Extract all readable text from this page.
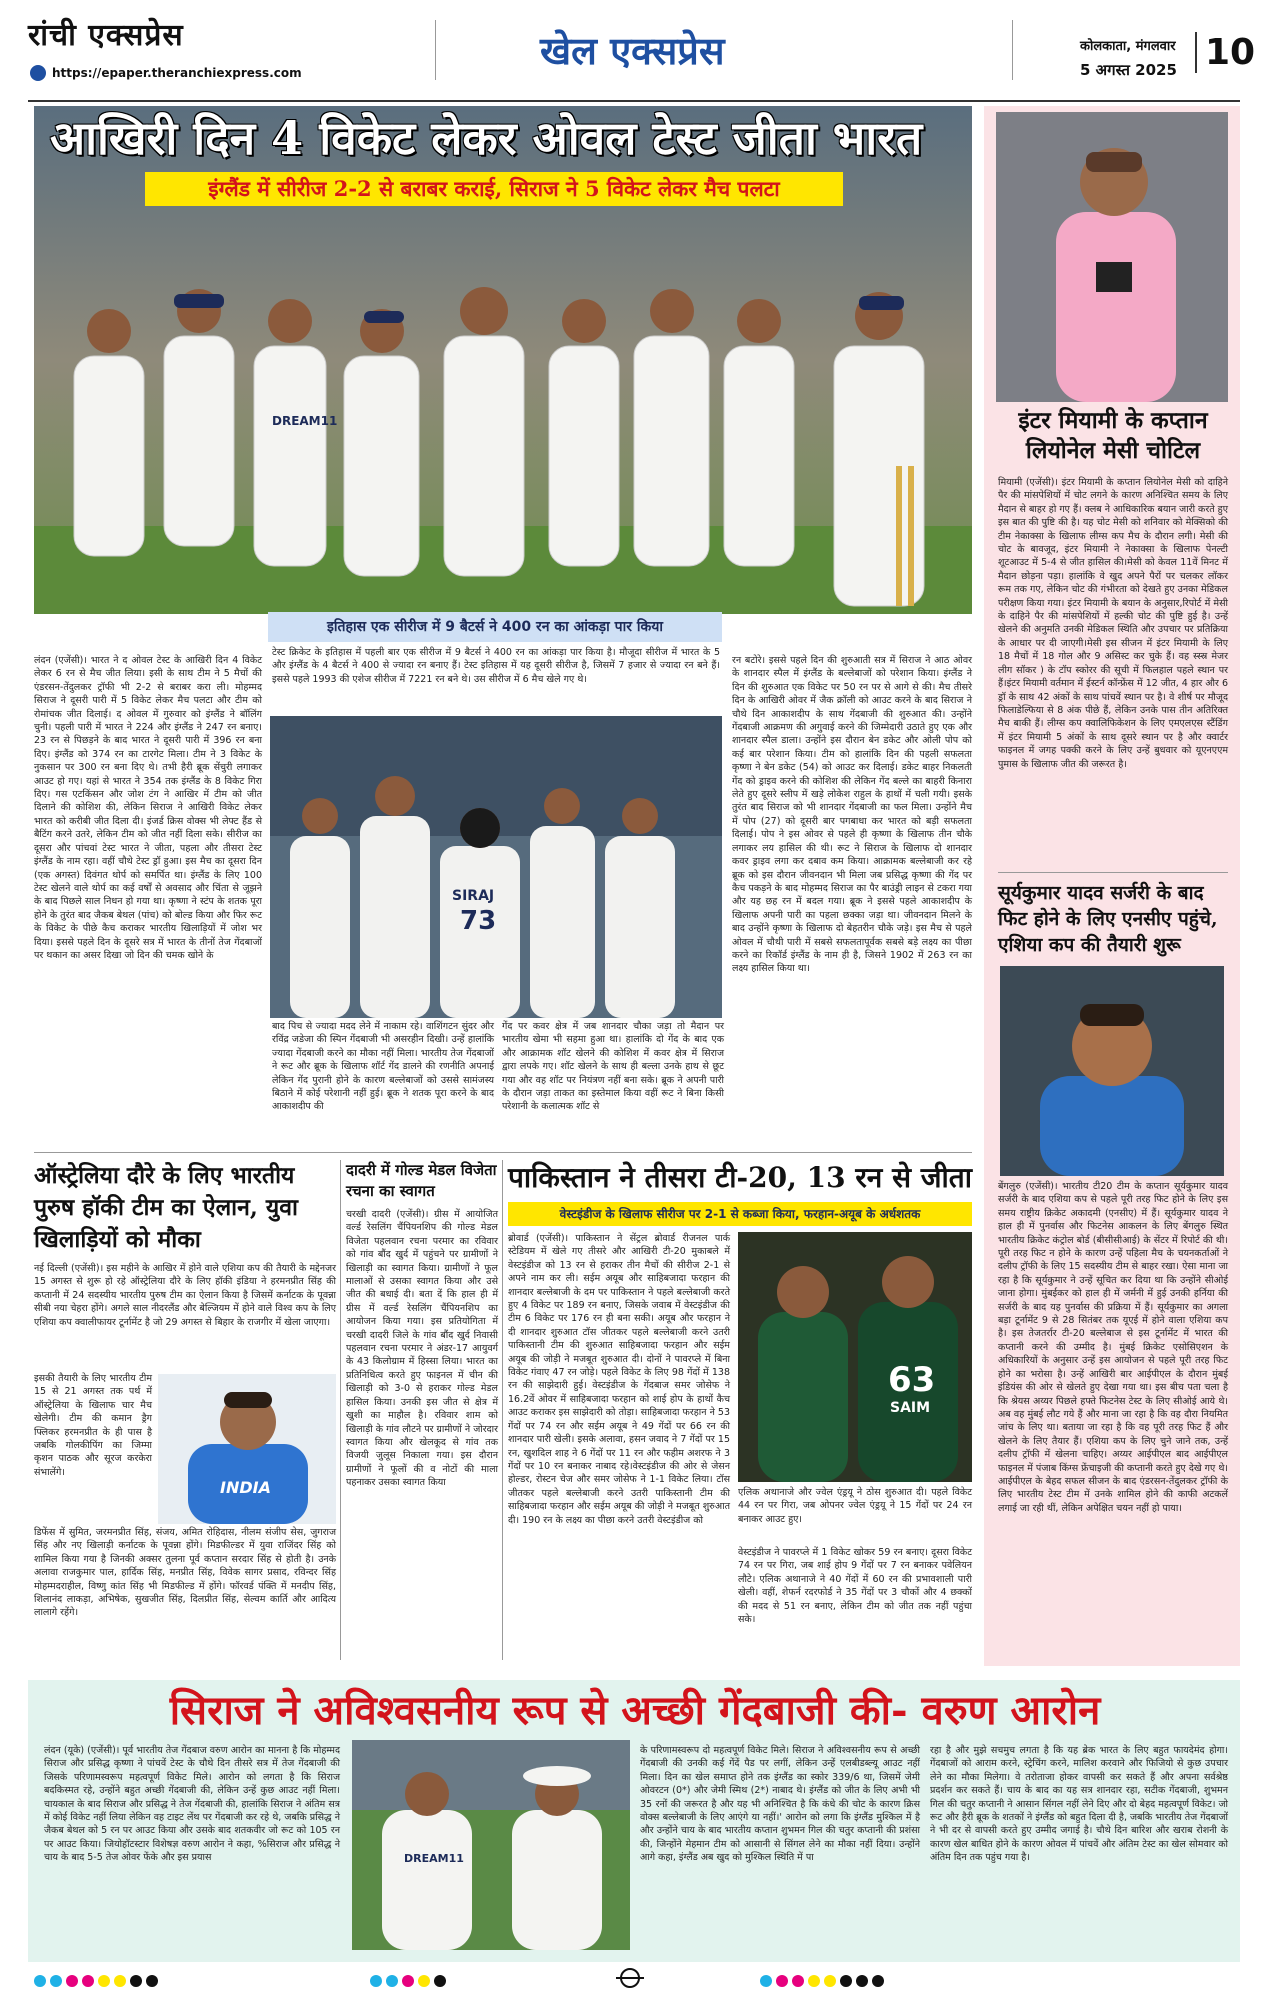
रांची एक्सप्रेस
https://epaper.theranchiexpress.com	खेल एक्सप्रेस	कोलकाता, मंगलवार
5 अगस्त 2025 10
DREAM11
आखिरी दिन 4 विकेट लेकर ओवल टेस्ट जीता भारत
इंग्लैंड में सीरीज 2-2 से बराबर कराई, सिराज ने 5 विकेट लेकर मैच पलटा
इतिहास एक सीरीज में 9 बैटर्स ने 400 रन का आंकड़ा पार किया
टेस्ट क्रिकेट के इतिहास में पहली बार एक सीरीज में 9 बैटर्स ने 400 रन का आंकड़ा पार किया है। मौजूदा सीरीज में भारत के 5 और इंग्लैंड के 4 बैटर्स ने 400 से ज्यादा रन बनाए हैं। टेस्ट इतिहास में यह दूसरी सीरीज है, जिसमें 7 हजार से ज्यादा रन बने हैं। इससे पहले 1993 की एशेज सीरीज में 7221 रन बने थे। उस सीरीज में 6 मैच खेले गए थे।
लंदन (एजेंसी)। भारत ने द ओवल टेस्ट के आखिरी दिन 4 विकेट लेकर 6 रन से मैच जीत लिया। इसी के साथ टीम ने 5 मैचों की एंडरसन-तेंदुलकर ट्रॉफी भी 2-2 से बराबर करा ली। मोहम्मद सिराज ने दूसरी पारी में 5 विकेट लेकर मैच पलटा और टीम को रोमांचक जीत दिलाई। द ओवल में गुरुवार को इंग्लैंड ने बॉलिंग चुनी। पहली पारी में भारत ने 224 और इंग्लैंड ने 247 रन बनाए। 23 रन से पिछड़ने के बाद भारत ने दूसरी पारी में 396 रन बना दिए। इंग्लैंड को 374 रन का टारगेट मिला। टीम ने 3 विकेट के नुकसान पर 300 रन बना दिए थे। तभी हैरी ब्रूक सेंचुरी लगाकर आउट हो गए। यहां से भारत ने 354 तक इंग्लैंड के 8 विकेट गिरा दिए। गस एटकिंसन और जोश टंग ने आखिर में टीम को जीत दिलाने की कोशिश की, लेकिन सिराज ने आखिरी विकेट लेकर भारत को करीबी जीत दिला दी। इंजर्ड क्रिस वोक्स भी लेफ्ट हैंड से बैटिंग करने उतरे, लेकिन टीम को जीत नहीं दिला सके। सीरीज का दूसरा और पांचवां टेस्ट भारत ने जीता, पहला और तीसरा टेस्ट इंग्लैंड के नाम रहा। वहीं चौथे टेस्ट ड्रॉ हुआ। इस मैच का दूसरा दिन (एक अगस्त) दिवंगत थोर्प को समर्पित था। इंग्लैंड के लिए 100 टेस्ट खेलने वाले थोर्प का कई वर्षों से अवसाद और चिंता से जूझने के बाद पिछले साल निधन हो गया था। कृष्णा ने स्टंप के शतक पूरा होने के तुरंत बाद जैकब बेथल (पांच) को बोल्ड किया और फिर रूट के विकेट के पीछे कैच कराकर भारतीय खिलाड़ियों में जोश भर दिया। इससे पहले दिन के दूसरे सत्र में भारत के तीनों तेज गेंदबाजों पर थकान का असर दिखा जो दिन की चमक खोने के
SIRAJ
73
बाद पिच से ज्यादा मदद लेने में नाकाम रहे। वाशिंगटन सुंदर और रविंद्र जडेजा की स्पिन गेंदबाजी भी असरहीन दिखी। उन्हें हालांकि ज्यादा गेंदबाजी करने का मौका नहीं मिला। भारतीय तेज गेंदबाजों ने रूट और ब्रूक के खिलाफ शॉर्ट गेंद डालने की रणनीति अपनाई लेकिन गेंद पुरानी होने के कारण बल्लेबाजों को उससे सामंजस्य बिठाने में कोई परेशानी नहीं हुई। ब्रूक ने शतक पूरा करने के बाद आकाशदीप की
गेंद पर कवर क्षेत्र में जब शानदार चौका जड़ा तो मैदान पर भारतीय खेमा भी सहमा हुआ था। हालांकि दो गेंद के बाद एक और आक्रामक शॉट खेलने की कोशिश में कवर क्षेत्र में सिराज द्वारा लपके गए। शॉट खेलने के साथ ही बल्ला उनके हाथ से छूट गया और वह शॉट पर नियंत्रण नहीं बना सके। ब्रूक ने अपनी पारी के दौरान जड़ा ताकत का इस्तेमाल किया वहीं रूट ने बिना किसी परेशानी के कलात्मक शॉट से
रन बटोरे। इससे पहले दिन की शुरुआती सत्र में सिराज ने आठ ओवर के शानदार स्पैल में इंग्लैंड के बल्लेबाजों को परेशान किया। इंग्लैंड ने दिन की शुरुआत एक विकेट पर 50 रन पर से आगे से की। मैच तीसरे दिन के आखिरी ओवर में जैक क्रॉली को आउट करने के बाद सिराज ने चौथे दिन आकाशदीप के साथ गेंदबाजी की शुरुआत की। उन्होंने गेंदबाजी आक्रमण की अगुवाई करने की जिम्मेदारी उठाते हुए एक और शानदार स्पैल डाला। उन्होंने इस दौरान बेन डकेट और ओली पोप को कई बार परेशान किया। टीम को हालांकि दिन की पहली सफलता कृष्णा ने बेन डकेट (54) को आउट कर दिलाई। डकेट बाहर निकलती गेंद को ड्राइव करने की कोशिश की लेकिन गेंद बल्ले का बाहरी किनारा लेते हुए दूसरे स्लीप में खड़े लोकेश राहुल के हाथों में चली गयी। इसके तुरंत बाद सिराज को भी शानदार गेंदबाजी का फल मिला। उन्होंने मैच में पोप (27) को दूसरी बार पगबाधा कर भारत को बड़ी सफलता दिलाई। पोप ने इस ओवर से पहले ही कृष्णा के खिलाफ तीन चौके लगाकर लय हासिल की थी। रूट ने सिराज के खिलाफ दो शानदार कवर ड्राइव लगा कर दबाव कम किया। आक्रामक बल्लेबाजी कर रहे ब्रूक को इस दौरान जीवनदान भी मिला जब प्रसिद्ध कृष्णा की गेंद पर कैच पकड़ने के बाद मोहम्मद सिराज का पैर बाउंड्री लाइन से टकरा गया और यह छह रन में बदल गया। ब्रूक ने इससे पहले आकाशदीप के खिलाफ अपनी पारी का पहला छक्का जड़ा था। जीवनदान मिलने के बाद उन्होंने कृष्णा के खिलाफ दो बेहतरीन चौके जड़े। इस मैच से पहले ओवल में चौथी पारी में सबसे सफलतापूर्वक सबसे बड़े लक्ष्य का पीछा करने का रिकॉर्ड इंग्लैंड के नाम ही है, जिसने 1902 में 263 रन का लक्ष्य हासिल किया था।
इंटर मियामी के कप्तान लियोनेल मेसी चोटिल
मियामी (एजेंसी)। इंटर मियामी के कप्तान लियोनेल मेसी को दाहिने पैर की मांसपेशियों में चोट लगने के कारण अनिश्चित समय के लिए मैदान से बाहर हो गए हैं। क्लब ने आधिकारिक बयान जारी करते हुए इस बात की पुष्टि की है। यह चोट मेसी को शनिवार को मेक्सिको की टीम नेकाक्सा के खिलाफ लीग्स कप मैच के दौरान लगी। मेसी की चोट के बावजूद, इंटर मियामी ने नेकाक्सा के खिलाफ पेनल्टी शूटआउट में 5-4 से जीत हासिल की।मेसी को केवल 11वें मिनट में मैदान छोड़ना पड़ा। हालांकि वे खुद अपने पैरों पर चलकर लॉकर रूम तक गए, लेकिन चोट की गंभीरता को देखते हुए उनका मेडिकल परीक्षण किया गया। इंटर मियामी के बयान के अनुसार,रिपोर्ट में मेसी के दाहिने पैर की मांसपेशियों में हल्की चोट की पुष्टि हुई है। उन्हें खेलने की अनुमति उनकी मेडिकल स्थिति और उपचार पर प्रतिक्रिया के आधार पर दी जाएगी।मेसी इस सीजन में इंटर मियामी के लिए 18 मैचों में 18 गोल और 9 असिस्ट कर चुके हैं। वह स्स्स्र मेजर लीग सॉकर ) के टॉप स्कोरर की सूची में फिलहाल पहले स्थान पर हैं।इंटर मियामी वर्तमान में ईस्टर्न कॉन्फ्रेंस में 12 जीत, 4 हार और 6 ड्रॉ के साथ 42 अंकों के साथ पांचवें स्थान पर है। वे शीर्ष पर मौजूद फिलाडेल्फिया से 8 अंक पीछे हैं, लेकिन उनके पास तीन अतिरिक्त मैच बाकी हैं। लीग्स कप क्वालिफिकेशन के लिए एमएलएस स्टैंडिंग में इंटर मियामी 5 अंकों के साथ दूसरे स्थान पर है और क्वार्टर फाइनल में जगह पक्की करने के लिए उन्हें बुधवार को यूएनएएम पुमास के खिलाफ जीत की जरूरत है।
सूर्यकुमार यादव सर्जरी के बाद फिट होने के लिए एनसीए पहुंचे, एशिया कप की तैयारी शुरू
बेंगलुरु (एजेंसी)। भारतीय टी20 टीम के कप्तान सूर्यकुमार यादव सर्जरी के बाद एशिया कप से पहले पूरी तरह फिट होने के लिए इस समय राष्ट्रीय क्रिकेट अकादमी (एनसीए) में हैं। सूर्यकुमार यादव ने हाल ही में पुनर्वास और फिटनेस आकलन के लिए बेंगलुरु स्थित भारतीय क्रिकेट कंट्रोल बोर्ड (बीसीसीआई) के सेंटर में रिपोर्ट की थी। पूरी तरह फिट न होने के कारण उन्हें पहिला मैच के चयनकर्ताओं ने दलीप ट्रॉफी के लिए 15 सदस्यीय टीम से बाहर रखा। ऐसा माना जा रहा है कि सूर्यकुमार ने उन्हें सूचित कर दिया था कि उन्होंने सीओई जाना होगा। मुंबईकर को हाल ही में जर्मनी में हुई उनकी हर्निया की सर्जरी के बाद यह पुनर्वास की प्रक्रिया में हैं। सूर्यकुमार का अगला बड़ा टूर्नामेंट 9 से 28 सितंबर तक यूएई में होने वाला एशिया कप है। इस तेजतर्रार टी-20 बल्लेबाज से इस टूर्नामेंट में भारत की कप्तानी करने की उम्मीद है। मुंबई क्रिकेट एसोसिएशन के अधिकारियों के अनुसार उन्हें इस आयोजन से पहले पूरी तरह फिट होने का भरोसा है। उन्हें आखिरी बार आईपीएल के दौरान मुंबई इंडियंस की ओर से खेलते हुए देखा गया था। इस बीच पता चला है कि श्रेयस अय्यर पिछले हफ्ते फिटनेस टेस्ट के लिए सीओई आये थे। अब वह मुंबई लौट गये हैं और माना जा रहा है कि वह दौरा नियमित जांच के लिए था। बताया जा रहा है कि वह पूरी तरह फिट हैं और खेलने के लिए तैयार हैं। एशिया कप के लिए चुने जाने तक, उन्हें दलीप ट्रॉफी में खेलना चाहिए। अय्यर आईपीएल बाद आईपीएल फाइनल में पंजाब किंग्स फ्रेंचाइजी की कप्तानी करते हुए देखे गए थे। आईपीएल के बेहद सफल सीजन के बाद एंडरसन-तेंदुलकर ट्रॉफी के लिए भारतीय टेस्ट टीम में उनके शामिल होने की काफी अटकलें लगाई जा रही थीं, लेकिन अपेक्षित चयन नहीं हो पाया।
ऑस्ट्रेलिया दौरे के लिए भारतीय पुरुष हॉकी टीम का ऐलान, युवा खिलाड़ियों को मौका
नई दिल्ली (एजेंसी)। इस महीने के आखिर में होने वाले एशिया कप की तैयारी के मद्देनजर 15 अगस्त से शुरू हो रहे ऑस्ट्रेलिया दौरे के लिए हॉकी इंडिया ने हरमनप्रीत सिंह की कप्तानी में 24 सदस्यीय भारतीय पुरुष टीम का ऐलान किया है जिसमें कर्नाटक के पूवन्ना सीबी नया चेहरा होंगे। अगले साल नीदरलैंड और बेल्जियम में होने वाले विश्व कप के लिए एशिया कप क्वालीफायर टूर्नामेंट है जो 29 अगस्त से बिहार के राजगीर में खेला जाएगा।
इसकी तैयारी के लिए भारतीय टीम 15 से 21 अगस्त तक पर्थ में ऑस्ट्रेलिया के खिलाफ चार मैच खेलेगी। टीम की कमान ड्रैग फ्लिकर हरमनप्रीत के ही पास है जबकि गोलकीपिंग का जिम्मा कृशन पाठक और सूरज करकेरा संभालेंगे।
INDIA
डिफेंस में सुमित, जरमनप्रीत सिंह, संजय, अमित रोहिदास, नीलम संजीप सेस, जुगराज सिंह और नए खिलाड़ी कर्नाटक के पूवन्ना होंगे। मिडफील्डर में युवा राजिंदर सिंह को शामिल किया गया है जिनकी अक्सर तुलना पूर्व कप्तान सरदार सिंह से होती है। उनके अलावा राजकुमार पाल, हार्दिक सिंह, मनप्रीत सिंह, विवेक सागर प्रसाद, रविन्दर सिंह मोहम्मदराहील, विष्णु कांत सिंह भी मिडफील्ड में होंगे। फॉरवर्ड पंक्ति में मनदीप सिंह, शिलानंद लाकड़ा, अभिषेक, सुखजीत सिंह, दिलप्रीत सिंह, सेल्वम कार्ति और आदित्य लालागे रहेंगे।
दादरी में गोल्ड मेडल विजेता रचना का स्वागत
चरखी दादरी (एजेंसी)। ग्रीस में आयोजित वर्ल्ड रेसलिंग चैंपियनशिप की गोल्ड मेडल विजेता पहलवान रचना परमार का रविवार को गांव बौंद खुर्द में पहुंचने पर ग्रामीणों ने खिलाड़ी का स्वागत किया। ग्रामीणों ने फूल मालाओं से उसका स्वागत किया और उसे जीत की बधाई दी। बता दें कि हाल ही में ग्रीस में वर्ल्ड रेसलिंग चैंपियनशिप का आयोजन किया गया। इस प्रतियोगिता में चरखी दादरी जिले के गांव बौंद खुर्द निवासी पहलवान रचना परमार ने अंडर-17 आयुवर्ग के 43 किलोग्राम में हिस्सा लिया। भारत का प्रतिनिधित्व करते हुए फाइनल में चीन की खिलाड़ी को 3-0 से हराकर गोल्ड मेडल हासिल किया। उनकी इस जीत से क्षेत्र में खुशी का माहौल है। रविवार शाम को खिलाड़ी के गांव लौटने पर ग्रामीणों ने जोरदार स्वागत किया और खेलकूद से गांव तक विजयी जुलूस निकाला गया। इस दौरान ग्रामीणों ने फूलों की व नोटों की माला पहनाकर उसका स्वागत किया
पाकिस्तान ने तीसरा टी-20, 13 रन से जीता
वेस्टइंडीज के खिलाफ सीरीज पर 2-1 से कब्जा किया, फरहान-अयूब के अर्धशतक
ब्रोवार्ड (एजेंसी)। पाकिस्तान ने सेंट्रल ब्रोवार्ड रीजनल पार्क स्टेडियम में खेले गए तीसरे और आखिरी टी-20 मुकाबले में वेस्टइंडीज को 13 रन से हराकर तीन मैचों की सीरीज 2-1 से अपने नाम कर ली। सईम अयूब और साहिबजादा फरहान की शानदार बल्लेबाजी के दम पर पाकिस्तान ने पहले बल्लेबाजी करते हुए 4 विकेट पर 189 रन बनाए, जिसके जवाब में वेस्टइंडीज की टीम 6 विकेट पर 176 रन ही बना सकी। अयूब और फरहान ने दी शानदार शुरुआत टॉस जीतकर पहले बल्लेबाजी करने उतरी पाकिस्तानी टीम की शुरुआत साहिबजादा फरहान और सईम अयूब की जोड़ी ने मजबूत शुरुआत दी। दोनों ने पावरप्ले में बिना विकेट गंवाए 47 रन जोड़े। पहले विकेट के लिए 98 गेंदों में 138 रन की साझेदारी हुई। वेस्टइंडीज के गेंदबाज समर जोसेफ ने 16.2वें ओवर में साहिबजादा फरहान को शाई होप के हाथों कैच आउट कराकर इस साझेदारी को तोड़ा। साहिबजादा फरहान ने 53 गेंदों पर 74 रन और सईम अयूब ने 49 गेंदों पर 66 रन की शानदार पारी खेली। इसके अलावा, हसन जवाद ने 7 गेंदों पर 15 रन, खुशदिल शाह ने 6 गेंदों पर 11 रन और फहीम अशरफ ने 3 गेंदों पर 10 रन बनाकर नाबाद रहे।वेस्टइंडीज की ओर से जेसन होल्डर, रोस्टन चेज और समर जोसेफ ने 1-1 विकेट लिया। टॉस जीतकर पहले बल्लेबाजी करने उतरी पाकिस्तानी टीम की साहिबजादा फरहान और सईम अयूब की जोड़ी ने मजबूत शुरुआत दी। 190 रन के लक्ष्य का पीछा करने उतरी वेस्टइंडीज को
63
SAIM
एलिक अथानाजे और ज्वेल एंड्रयू ने ठोस शुरुआत दी। पहले विकेट 44 रन पर गिरा, जब ओपनर ज्वेल एंड्रयू ने 15 गेंदों पर 24 रन बनाकर आउट हुए।
वेस्टइंडीज ने पावरप्ले में 1 विकेट खोकर 59 रन बनाए। दूसरा विकेट 74 रन पर गिरा, जब शाई होप 9 गेंदों पर 7 रन बनाकर पवेलियन लौटे। एलिक अथानाजे ने 40 गेंदों में 60 रन की प्रभावशाली पारी खेली। वहीं, शेफर्न रदरफोर्ड ने 35 गेंदों पर 3 चौकों और 4 छक्कों की मदद से 51 रन बनाए, लेकिन टीम को जीत तक नहीं पहुंचा सके।
सिराज ने अविश्वसनीय रूप से अच्छी गेंदबाजी की- वरुण आरोन
लंदन (यूके) (एजेंसी)। पूर्व भारतीय तेज गेंदबाज वरुण आरोन का मानना है कि मोहम्मद सिराज और प्रसिद्ध कृष्णा ने पांचवें टेस्ट के चौथे दिन तीसरे सत्र में तेज गेंदबाजी की जिसके परिणामस्वरूप महत्वपूर्ण विकेट मिले। आरोन को लगता है कि सिराज बदकिस्मत रहे, उन्होंने बहुत अच्छी गेंदबाजी की, लेकिन उन्हें कुछ आउट नहीं मिला। चायकाल के बाद सिराज और प्रसिद्ध ने तेज गेंदबाजी की, हालांकि सिराज ने अंतिम सत्र में कोई विकेट नहीं लिया लेकिन वह टाइट लेंथ पर गेंदबाजी कर रहे थे, जबकि प्रसिद्ध ने जैकब बेथल को 5 रन पर आउट किया और उसके बाद शतकवीर जो रूट को 105 रन पर आउट किया। जियोहॉटस्टार विशेषज्ञ वरुण आरोन ने कहा, %सिराज और प्रसिद्ध ने चाय के बाद 5-5 तेज ओवर फेंके और इस प्रयास	DREAM11
के परिणामस्वरूप दो महत्वपूर्ण विकेट मिले। सिराज ने अविश्वसनीय रूप से अच्छी गेंदबाजी की उनकी कई गेंदें पैड पर लगीं, लेकिन उन्हें एलबीडब्ल्यू आउट नहीं मिला। दिन का खेल समाप्त होने तक इंग्लैंड का स्कोर 339/6 था, जिसमें जेमी ओवरटन (0*) और जेमी स्मिथ (2*) नाबाद थे। इंग्लैंड को जीत के लिए अभी भी 35 रनों की जरूरत है और यह भी अनिश्चित है कि कंधे की चोट के कारण क्रिस वोक्स बल्लेबाजी के लिए आएंगे या नहीं।' आरोन को लगा कि इंग्लैंड मुश्किल में है और उन्होंने चाय के बाद भारतीय कप्तान शुभमन गिल की चतुर कप्तानी की प्रशंसा की, जिन्होंने मेहमान टीम को आसानी से सिंगल लेने का मौका नहीं दिया। उन्होंने आगे कहा, इंग्लैंड अब खुद को मुश्किल स्थिति में पा
रहा है और मुझे सचमुच लगता है कि यह ब्रेक भारत के लिए बहुत फायदेमंद होगा। गेंदबाजों को आराम करने, स्ट्रेचिंग करने, मालिश करवाने और फिजियो से कुछ उपचार लेने का मौका मिलेगा। वे तरोताजा होकर वापसी कर सकते हैं और अपना सर्वश्रेष्ठ प्रदर्शन कर सकते हैं। चाय के बाद का यह सत्र शानदार रहा, सटीक गेंदबाजी, शुभमन गिल की चतुर कप्तानी ने आसान सिंगल नहीं लेने दिए और दो बेहद महत्वपूर्ण विकेट। जो रूट और हैरी ब्रूक के शतकों ने इंग्लैंड को बहुत दिला दी है, जबकि भारतीय तेज गेंदबाजों ने भी दर से वापसी करते हुए उम्मीद जगाई है। चौथे दिन बारिश और खराब रोशनी के कारण खेल बाधित होने के कारण ओवल में पांचवें और अंतिम टेस्ट का खेल सोमवार को अंतिम दिन तक पहुंच गया है।
